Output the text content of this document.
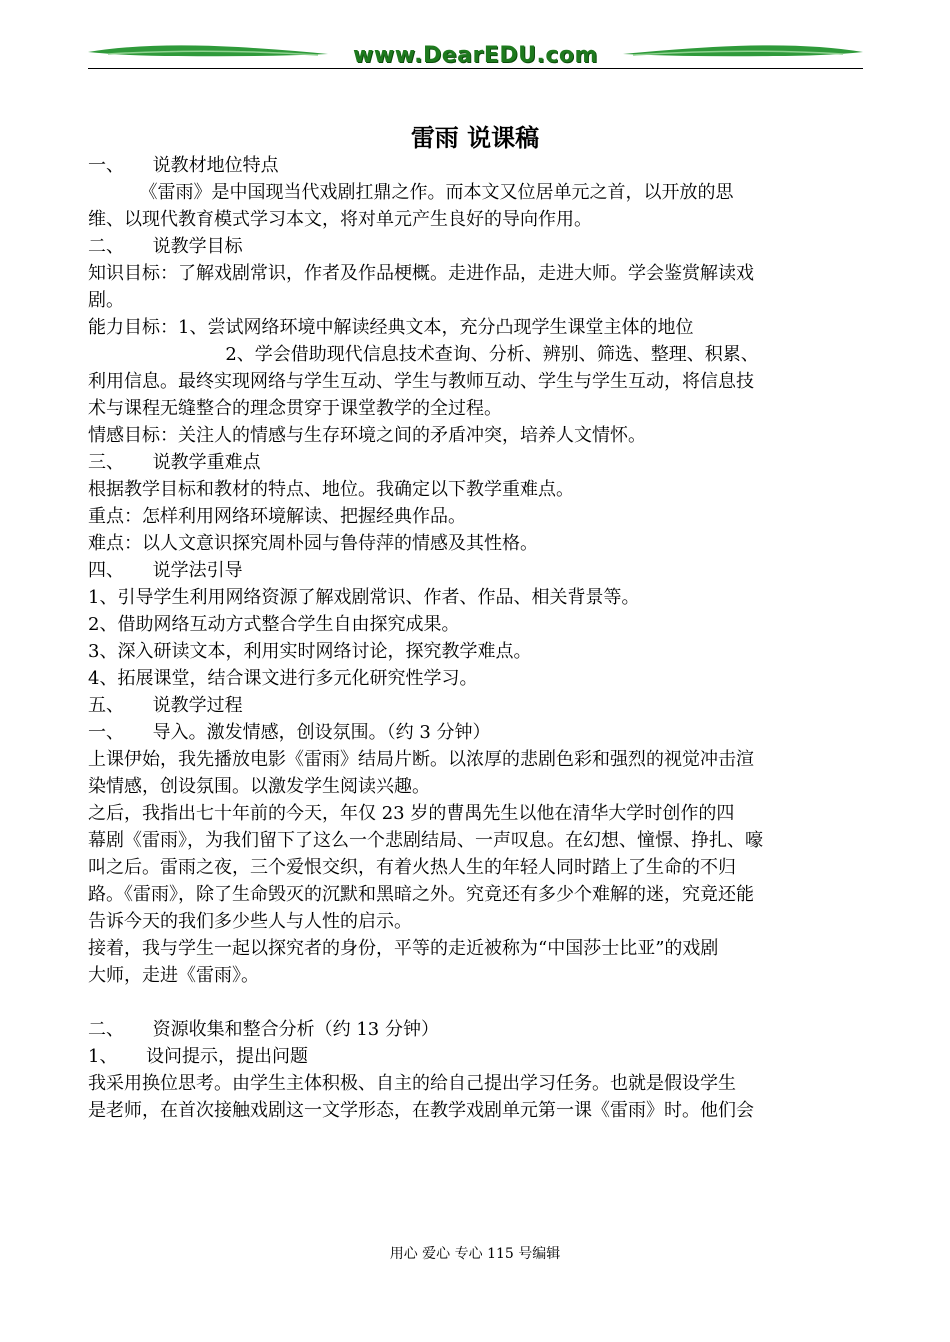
www.DearEDU.com
雷雨 说课稿
一、     说教材地位特点
《雷雨》是中国现当代戏剧扛鼎之作。而本文又位居单元之首，以开放的思
维、以现代教育模式学习本文，将对单元产生良好的导向作用。
二、     说教学目标
知识目标：了解戏剧常识，作者及作品梗概。走进作品，走进大师。学会鉴赏解读戏
剧。
能力目标：1、尝试网络环境中解读经典文本，充分凸现学生课堂主体的地位
2、学会借助现代信息技术查询、分析、辨别、筛选、整理、积累、
利用信息。最终实现网络与学生互动、学生与教师互动、学生与学生互动，将信息技
术与课程无缝整合的理念贯穿于课堂教学的全过程。
情感目标：关注人的情感与生存环境之间的矛盾冲突，培养人文情怀。
三、     说教学重难点
根据教学目标和教材的特点、地位。我确定以下教学重难点。
重点：怎样利用网络环境解读、把握经典作品。
难点：以人文意识探究周朴园与鲁侍萍的情感及其性格。
四、     说学法引导
1、引导学生利用网络资源了解戏剧常识、作者、作品、相关背景等。
2、借助网络互动方式整合学生自由探究成果。
3、深入研读文本，利用实时网络讨论，探究教学难点。
4、拓展课堂，结合课文进行多元化研究性学习。
五、     说教学过程
一、     导入。激发情感，创设氛围。（约 3 分钟）
上课伊始，我先播放电影《雷雨》结局片断。以浓厚的悲剧色彩和强烈的视觉冲击渲
染情感，创设氛围。以激发学生阅读兴趣。
之后，我指出七十年前的今天，年仅 23 岁的曹禺先生以他在清华大学时创作的四
幕剧《雷雨》，为我们留下了这么一个悲剧结局、一声叹息。在幻想、憧憬、挣扎、嚎
叫之后。雷雨之夜，三个爱恨交织，有着火热人生的年轻人同时踏上了生命的不归
路。《雷雨》，除了生命毁灭的沉默和黑暗之外。究竟还有多少个难解的迷，究竟还能
告诉今天的我们多少些人与人性的启示。
接着，我与学生一起以探究者的身份，平等的走近被称为“中国莎士比亚”的戏剧
大师，走进《雷雨》。
二、     资源收集和整合分析（约 13 分钟）
1、     设问提示，提出问题
我采用换位思考。由学生主体积极、自主的给自己提出学习任务。也就是假设学生
是老师，在首次接触戏剧这一文学形态，在教学戏剧单元第一课《雷雨》时。他们会
用心 爱心 专心 115 号编辑
